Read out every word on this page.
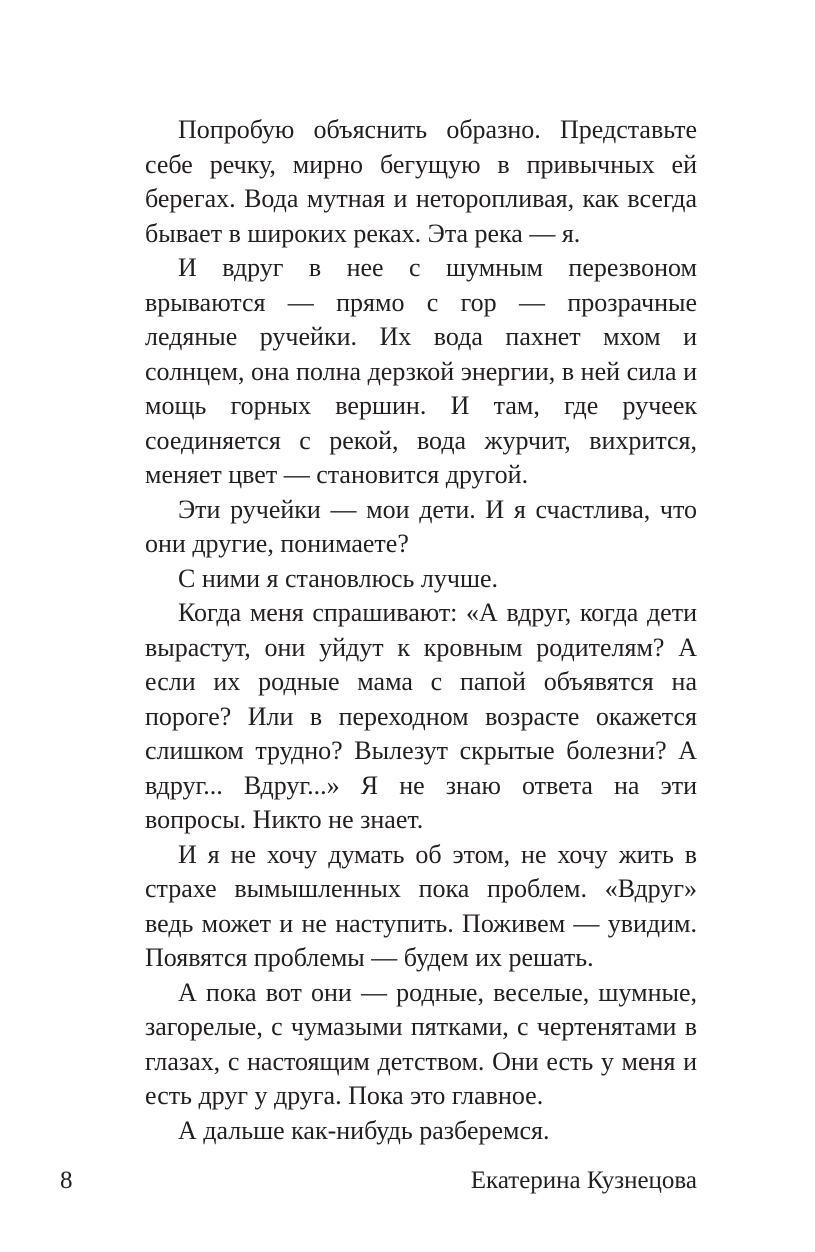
Попробую объяснить образно. Представьте себе речку, мирно бегущую в привычных ей берегах. Вода мутная и неторопливая, как всегда бывает в широких реках. Эта река — я.

И вдруг в нее с шумным перезвоном врываются — прямо с гор — прозрачные ледяные ручейки. Их вода пахнет мхом и солнцем, она полна дерзкой энергии, в ней сила и мощь горных вершин. И там, где ручеек соединяется с рекой, вода журчит, вихрится, меняет цвет — становится другой.

Эти ручейки — мои дети. И я счастлива, что они другие, понимаете?

С ними я становлюсь лучше.

Когда меня спрашивают: «А вдруг, когда дети вырастут, они уйдут к кровным родителям? А если их родные мама с папой объявятся на пороге? Или в переходном возрасте окажется слишком трудно? Вылезут скрытые болезни? А вдруг... Вдруг...» Я не знаю ответа на эти вопросы. Никто не знает.

И я не хочу думать об этом, не хочу жить в страхе вымышленных пока проблем. «Вдруг» ведь может и не наступить. Поживем — увидим. Появятся проблемы — будем их решать.

А пока вот они — родные, веселые, шумные, загорелые, с чумазыми пятками, с чертенятами в глазах, с настоящим детством. Они есть у меня и есть друг у друга. Пока это главное.

А дальше как-нибудь разберемся.

8	Екатерина Кузнецова
